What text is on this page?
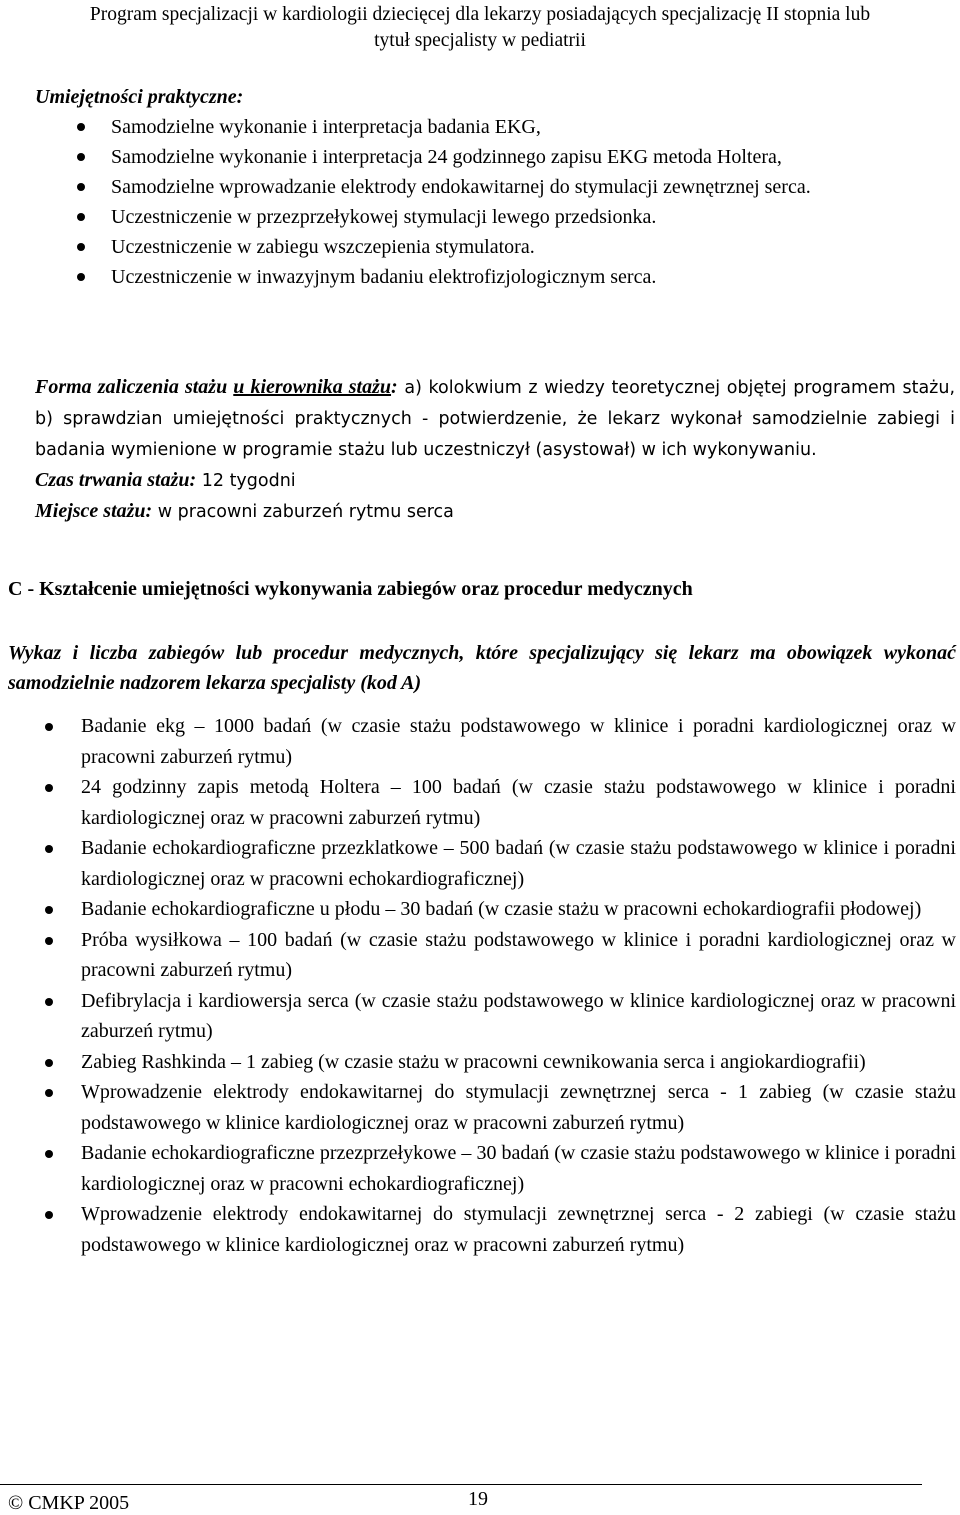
Program specjalizacji w kardiologii dziecięcej dla lekarzy posiadających specjalizację II stopnia lub
tytuł specjalisty w pediatrii
Umiejętności praktyczne:
Samodzielne wykonanie i interpretacja badania EKG,
Samodzielne wykonanie i interpretacja 24 godzinnego zapisu EKG metoda Holtera,
Samodzielne wprowadzanie elektrody endokawitarnej do stymulacji zewnętrznej serca.
Uczestniczenie w przezprzełykowej stymulacji lewego przedsionka.
Uczestniczenie w zabiegu wszczepienia stymulatora.
Uczestniczenie w inwazyjnym badaniu elektrofizjologicznym serca.
Forma zaliczenia stażu u kierownika stażu: a) kolokwium z wiedzy teoretycznej objętej programem stażu, b) sprawdzian umiejętności praktycznych - potwierdzenie, że lekarz wykonał samodzielnie zabiegi i badania wymienione w programie stażu lub uczestniczył (asystował) w ich wykonywaniu.
Czas trwania stażu: 12 tygodni
Miejsce stażu: w pracowni zaburzeń rytmu serca
C - Kształcenie umiejętności wykonywania zabiegów oraz procedur medycznych
Wykaz i liczba zabiegów lub procedur medycznych, które specjalizujący się lekarz ma obowiązek wykonać samodzielnie nadzorem lekarza specjalisty (kod A)
Badanie ekg – 1000 badań (w czasie stażu podstawowego w klinice i poradni kardiologicznej oraz w pracowni zaburzeń rytmu)
24 godzinny zapis metodą Holtera – 100 badań (w czasie stażu podstawowego w klinice i poradni kardiologicznej oraz w pracowni zaburzeń rytmu)
Badanie echokardiograficzne przezklatkowe – 500 badań (w czasie stażu podstawowego w klinice i poradni kardiologicznej oraz w pracowni echokardiograficznej)
Badanie echokardiograficzne u płodu – 30 badań (w czasie stażu w pracowni echokardiografii płodowej)
Próba wysiłkowa – 100 badań (w czasie stażu podstawowego w klinice i poradni kardiologicznej oraz w pracowni zaburzeń rytmu)
Defibrylacja i kardiowersja serca (w czasie stażu podstawowego w klinice kardiologicznej oraz w pracowni zaburzeń rytmu)
Zabieg Rashkinda – 1 zabieg (w czasie stażu w pracowni cewnikowania serca i angiokardiografii)
Wprowadzenie elektrody endokawitarnej do stymulacji zewnętrznej serca - 1 zabieg (w czasie stażu podstawowego w klinice kardiologicznej oraz w pracowni zaburzeń rytmu)
Badanie echokardiograficzne przezprzełykowe – 30 badań (w czasie stażu podstawowego w klinice i poradni kardiologicznej oraz w pracowni echokardiograficznej)
Wprowadzenie elektrody endokawitarnej do stymulacji zewnętrznej serca - 2 zabiegi (w czasie stażu podstawowego w klinice kardiologicznej oraz w pracowni zaburzeń rytmu)
© CMKP 2005	19
